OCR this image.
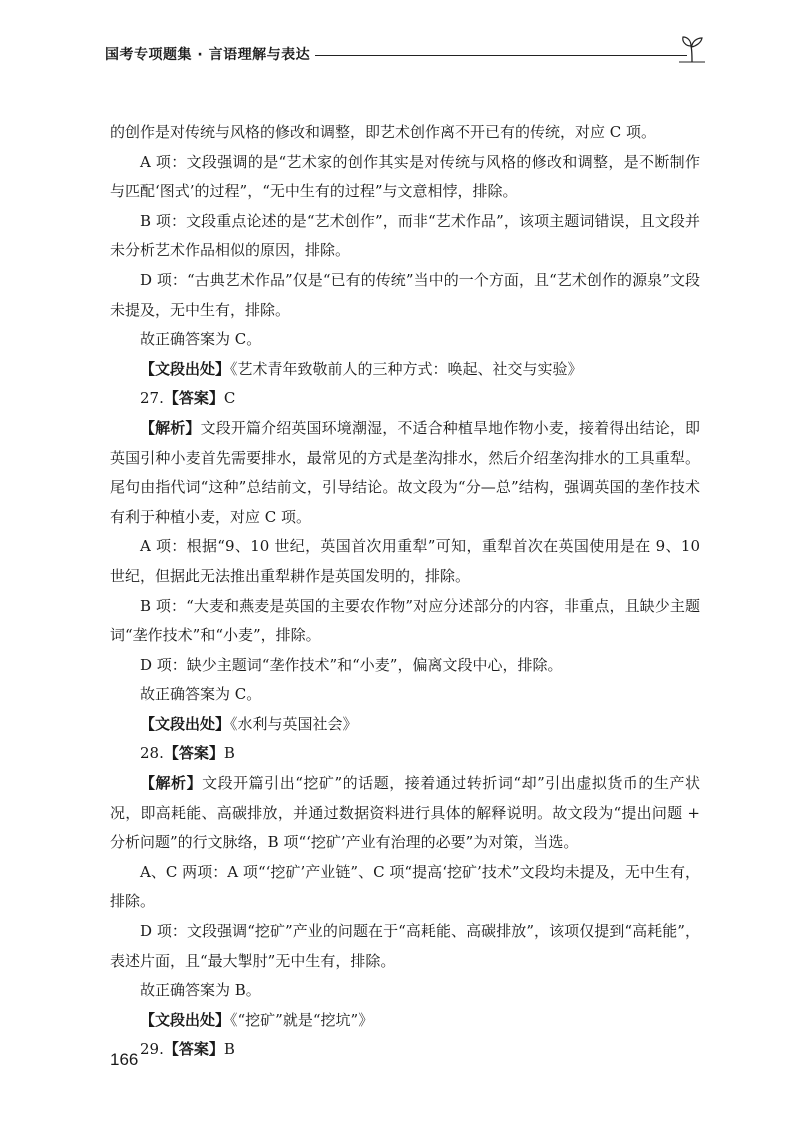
国考专项题集 · 言语理解与表达

的创作是对传统与风格的修改和调整，即艺术创作离不开已有的传统，对应 C 项。

A 项：文段强调的是“艺术家的创作其实是对传统与风格的修改和调整，是不断制作与匹配‘图式’的过程”，“无中生有的过程”与文意相悖，排除。

B 项：文段重点论述的是“艺术创作”，而非“艺术作品”，该项主题词错误，且文段并未分析艺术作品相似的原因，排除。

D 项：“古典艺术作品”仅是“已有的传统”当中的一个方面，且“艺术创作的源泉”文段未提及，无中生有，排除。

故正确答案为 C。

【文段出处】《艺术青年致敬前人的三种方式：唤起、社交与实验》

27.【答案】C

【解析】文段开篇介绍英国环境潮湿，不适合种植旱地作物小麦，接着得出结论，即英国引种小麦首先需要排水，最常见的方式是垄沟排水，然后介绍垄沟排水的工具重犁。尾句由指代词“这种”总结前文，引导结论。故文段为“分—总”结构，强调英国的垄作技术有利于种植小麦，对应 C 项。

A 项：根据“9、10 世纪，英国首次用重犁”可知，重犁首次在英国使用是在 9、10 世纪，但据此无法推出重犁耕作是英国发明的，排除。

B 项：“大麦和燕麦是英国的主要农作物”对应分述部分的内容，非重点，且缺少主题词“垄作技术”和“小麦”，排除。

D 项：缺少主题词“垄作技术”和“小麦”，偏离文段中心，排除。

故正确答案为 C。

【文段出处】《水利与英国社会》

28.【答案】B

【解析】文段开篇引出“挖矿”的话题，接着通过转折词“却”引出虚拟货币的生产状况，即高耗能、高碳排放，并通过数据资料进行具体的解释说明。故文段为“提出问题 + 分析问题”的行文脉络，B 项“‘挖矿’产业有治理的必要”为对策，当选。

A、C 两项：A 项“‘挖矿’产业链”、C 项“提高‘挖矿’技术”文段均未提及，无中生有，排除。

D 项：文段强调“挖矿”产业的问题在于“高耗能、高碳排放”，该项仅提到“高耗能”，表述片面，且“最大掣肘”无中生有，排除。

故正确答案为 B。

【文段出处】《“挖矿”就是“挖坑”》

29.【答案】B

166
